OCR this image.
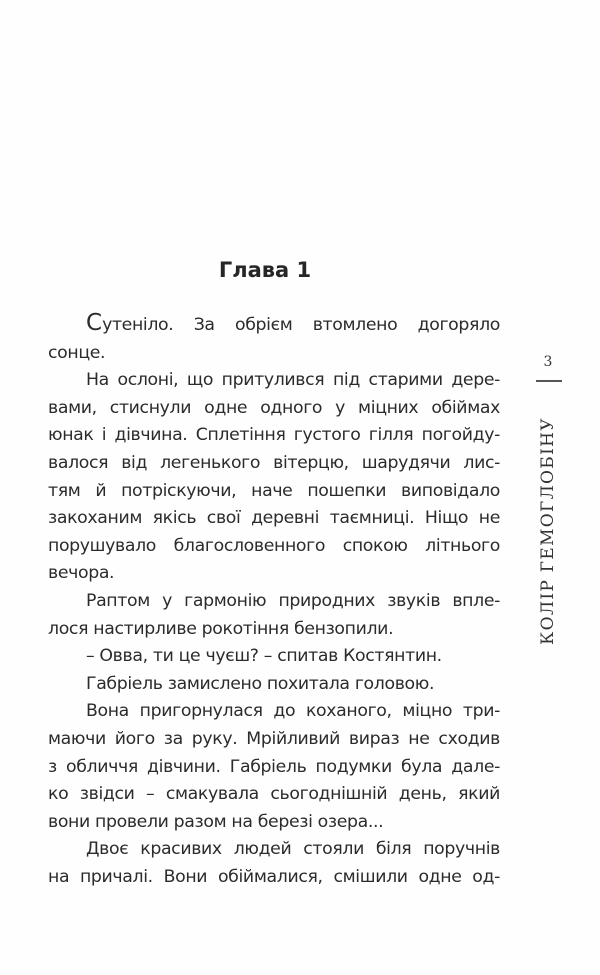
Глава 1
Сутеніло. За обрієм втомлено догоряло
сонце.
На ослоні, що притулився під старими дере-
вами, стиснули одне одного у міцних обіймах
юнак і дівчина. Сплетіння густого гілля погойду-
валося від легенького вітерцю, шарудячи лис-
тям й потріскуючи, наче пошепки виповідало
закоханим якісь свої деревні таємниці. Ніщо не
порушувало благословенного спокою літнього
вечора.
Раптом у гармонію природних звуків впле-
лося настирливе рокотіння бензопили.
– Овва, ти це чуєш? – спитав Костянтин.
Габріель замислено похитала головою.
Вона пригорнулася до коханого, міцно три-
маючи його за руку. Мрійливий вираз не сходив
з обличчя дівчини. Габріель подумки була дале-
ко звідси – смакувала сьогоднішній день, який
вони провели разом на березі озера...
Двоє красивих людей стояли біля поручнів
на причалі. Вони обіймалися, смішили одне од-
3
КОЛІР ГЕМОГЛОБІНУ
